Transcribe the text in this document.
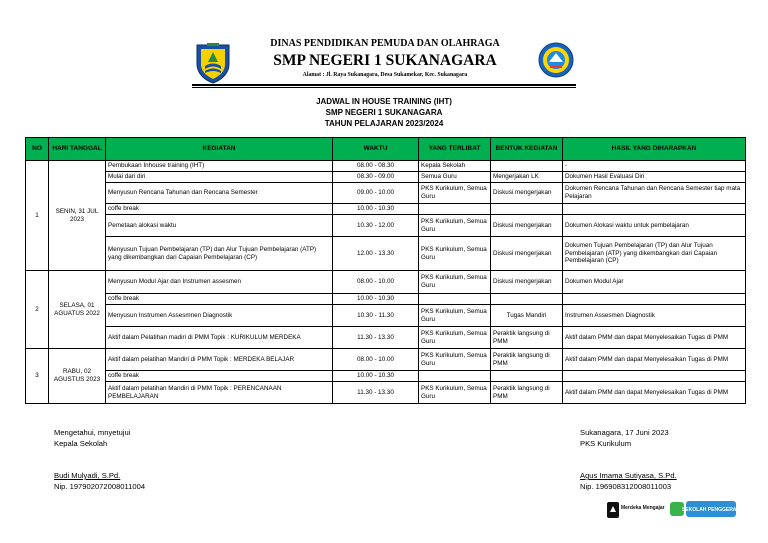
DINAS PENDIDIKAN PEMUDA DAN OLAHRAGA
SMP NEGERI 1 SUKANAGARA
Alamat : Jl. Raya Sukanagara, Desa Sukamekar, Kec. Sukanagara
JADWAL IN HOUSE TRAINING (IHT)
SMP NEGERI 1 SUKANAGARA
TAHUN PELAJARAN 2023/2024
NO	HARI TANGGAL	KEGIATAN	WAKTU	YANG TERLIBAT	BENTUK KEGIATAN	HASIL YANG DIHARAPKAN
1	SENIN, 31 JUL 2023	Pembukaan Inhouse training (IHT)	08.00 - 08.30	Kepala Sekolah		-
		Mulai dari diri	08.30 - 09.00	Semua Guru	Mengerjakan LK	Dokumen Hasil Evaluasi Diri
		Menyusun Rencana Tahunan dan Rencana Semester	09.00 - 10.00	PKS Kurikulum, Semua Guru	Diskusi mengerjakan	Dokumen Rencana Tahunan dan Rencana Semester tiap mata Pelajaran
		coffe break	10.00 - 10.30			
		Pemetaan alokasi waktu	10.30 - 12.00	PKS Kurikulum, Semua Guru	Diskusi mengerjakan	Dokumen Alokasi waktu untuk pembelajaran
		Menyusun Tujuan Pembelajaran (TP) dan Alur Tujuan Pembelajaran (ATP) yang dikembangkan dari Capaian Pembelajaran (CP)	12.00 - 13.30	PKS Kurikulum, Semua Guru	Diskusi mengerjakan	Dokumen Tujuan Pembelajaran (TP) dan Alur Tujuan Pembelajaran (ATP) yang dikembangkan dari Capaian Pembelajaran (CP)
2	SELASA, 01 AGUATUS 2022	Menyusun Modul Ajar dan Instrumen assesmen	08.00 - 10.00	PKS Kurikulum, Semua Guru	Diskusi mengerjakan	Dokumen Modul Ajar
		coffe break	10.00 - 10.30			
		Menyusun Instrumen Assesmnen Diagnostik	10.30 - 11.30	PKS Kurikulum, Semua Guru	Tugas Mandiri	Instrumen Assesmen Diagnostik
		Aktif dalam Pelatihan madiri di PMM Topik : KURIKULUM MERDEKA	11.30 - 13.30	PKS Kurikulum, Semua Guru	Peraktik langsung di PMM	Aktif dalam PMM dan dapat Menyelesaikan Tugas di PMM
3	RABU, 02 AGUSTUS 2023	Aktif dalam pelatihan Mandiri di PMM Topik : MERDEKA BELAJAR	08.00 - 10.00	PKS Kurikulum, Semua Guru	Peraktik langsung di PMM	Aktif dalam PMM dan dapat Menyelesaikan Tugas di PMM
		coffe break	10.00 - 10.30			
		Aktif dalam pelatihan Mandiri di PMM Topik : PERENCANAAN PEMBELAJARAN	11.30 - 13.30	PKS Kurikulum, Semua Guru	Peraktik langsung di PMM	Aktif dalam PMM dan dapat Menyelesaikan Tugas di PMM
Mengetahui, mnyetujui
Kepala Sekolah
Budi Mulyadi, S.Pd.
Nip. 197902072008011004
Sukanagara, 17 Juni 2023
PKS Kurikulum
Agus Imama Sutiyasa, S.Pd.
Nip. 196908312008011003
Merdeka Mengajar	SEKOLAH PENGGERAK
